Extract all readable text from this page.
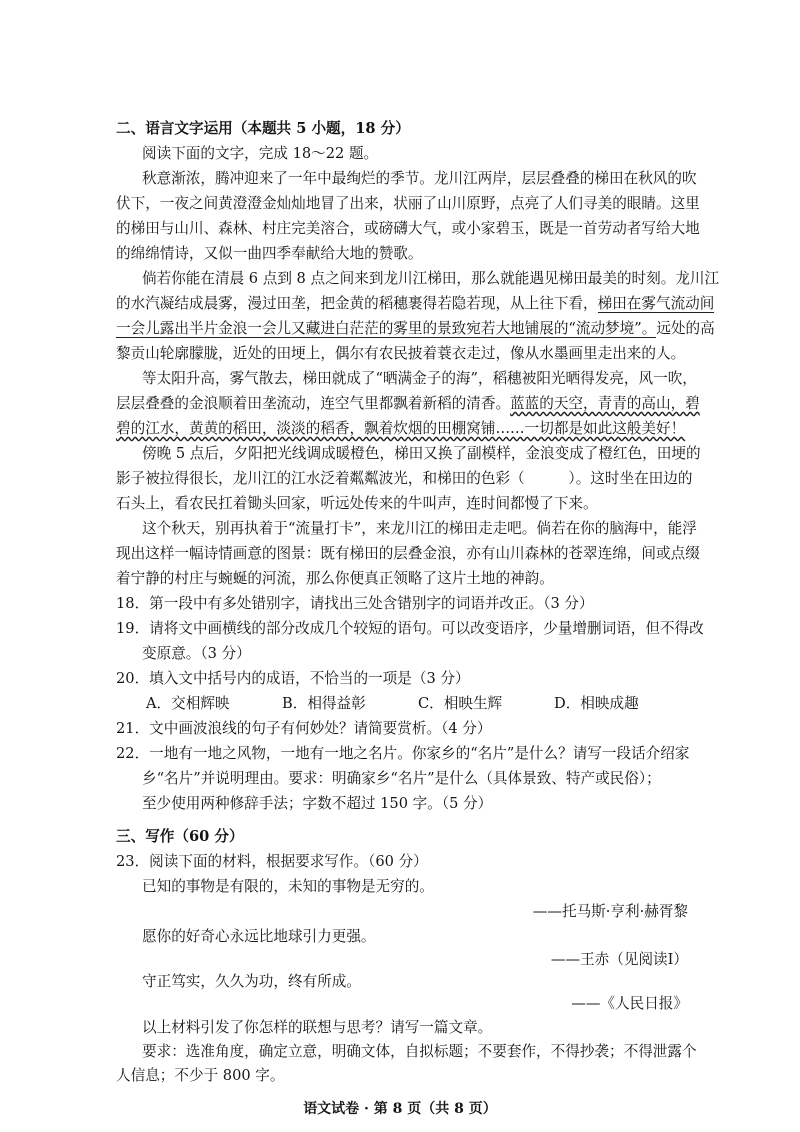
二、语言文字运用（本题共 5 小题，18 分）
阅读下面的文字，完成 18～22 题。
秋意渐浓，腾冲迎来了一年中最绚烂的季节。龙川江两岸，层层叠叠的梯田在秋风的吹
伏下，一夜之间黄澄澄金灿灿地冒了出来，状丽了山川原野，点亮了人们寻美的眼睛。这里
的梯田与山川、森林、村庄完美溶合，或磅礴大气，或小家碧玉，既是一首劳动者写给大地
的绵绵情诗，又似一曲四季奉献给大地的赞歌。
倘若你能在清晨 6 点到 8 点之间来到龙川江梯田，那么就能遇见梯田最美的时刻。龙川江
的水汽凝结成晨雾，漫过田垄，把金黄的稻穗裹得若隐若现，从上往下看，梯田在雾气流动间
一会儿露出半片金浪一会儿又藏进白茫茫的雾里的景致宛若大地铺展的“流动梦境”。远处的高
黎贡山轮廓朦胧，近处的田埂上，偶尔有农民披着蓑衣走过，像从水墨画里走出来的人。
等太阳升高，雾气散去，梯田就成了“晒满金子的海”，稻穗被阳光晒得发亮，风一吹，
层层叠叠的金浪顺着田垄流动，连空气里都飘着新稻的清香。蓝蓝的天空，青青的高山，碧
碧的江水，黄黄的稻田，淡淡的稻香，飘着炊烟的田棚窝铺……一切都是如此这般美好！
傍晚 5 点后，夕阳把光线调成暖橙色，梯田又换了副模样，金浪变成了橙红色，田埂的
影子被拉得很长，龙川江的江水泛着粼粼波光，和梯田的色彩（　　　）。这时坐在田边的
石头上，看农民扛着锄头回家，听远处传来的牛叫声，连时间都慢了下来。
这个秋天，别再执着于“流量打卡”，来龙川江的梯田走走吧。倘若在你的脑海中，能浮
现出这样一幅诗情画意的图景：既有梯田的层叠金浪，亦有山川森林的苍翠连绵，间或点缀
着宁静的村庄与蜿蜒的河流，那么你便真正领略了这片土地的神韵。
18．第一段中有多处错别字，请找出三处含错别字的词语并改正。（3 分）
19．请将文中画横线的部分改成几个较短的语句。可以改变语序，少量增删词语，但不得改
变原意。（3 分）
20．填入文中括号内的成语，不恰当的一项是（3 分）
A．交相辉映	B．相得益彰	C．相映生辉	D．相映成趣
21．文中画波浪线的句子有何妙处？请简要赏析。（4 分）
22．一地有一地之风物，一地有一地之名片。你家乡的“名片”是什么？请写一段话介绍家
乡“名片”并说明理由。要求：明确家乡“名片”是什么（具体景致、特产或民俗）；
至少使用两种修辞手法；字数不超过 150 字。（5 分）
三、写作（60 分）
23．阅读下面的材料，根据要求写作。（60 分）
已知的事物是有限的，未知的事物是无穷的。
——托马斯·亨利·赫胥黎
愿你的好奇心永远比地球引力更强。
——王赤（见阅读Ⅰ）
守正笃实，久久为功，终有所成。
——《人民日报》
以上材料引发了你怎样的联想与思考？请写一篇文章。
要求：选准角度，确定立意，明确文体，自拟标题；不要套作，不得抄袭；不得泄露个
人信息；不少于 800 字。
语文试卷 · 第 8 页（共 8 页）
